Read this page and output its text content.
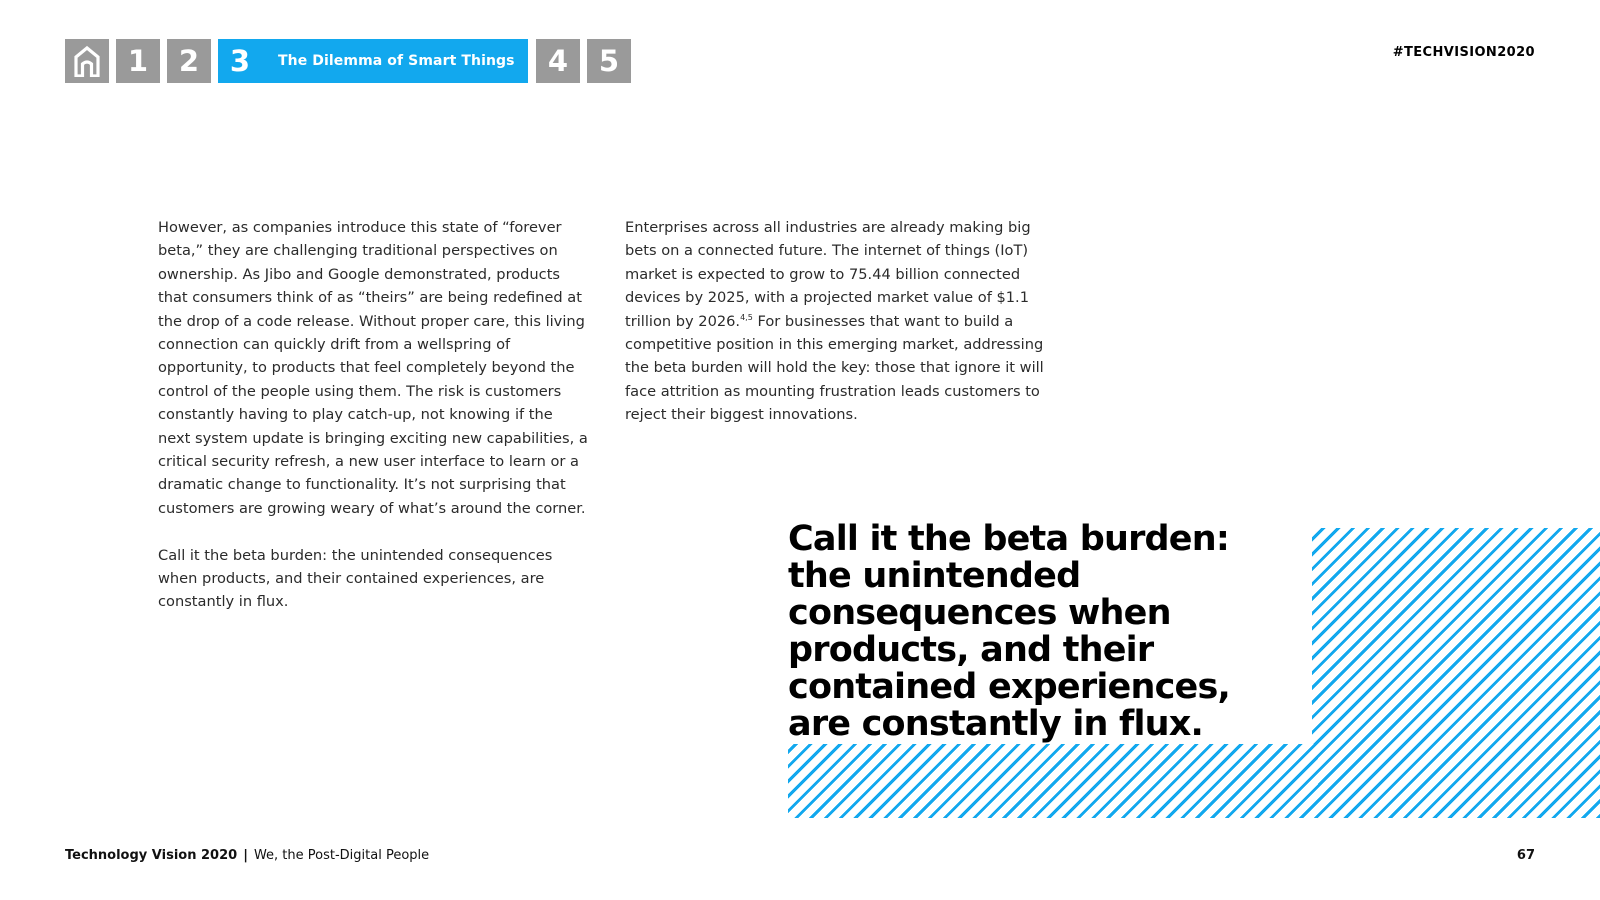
1	2	3	The Dilemma of Smart Things	4	5	#TECHVISION2020

However, as companies introduce this state of “forever beta,” they are challenging traditional perspectives on ownership. As Jibo and Google demonstrated, products that consumers think of as “theirs” are being redefined at the drop of a code release. Without proper care, this living connection can quickly drift from a wellspring of opportunity, to products that feel completely beyond the control of the people using them. The risk is customers constantly having to play catch-up, not knowing if the next system update is bringing exciting new capabilities, a critical security refresh, a new user interface to learn or a dramatic change to functionality. It’s not surprising that customers are growing weary of what’s around the corner.

Call it the beta burden: the unintended consequences when products, and their contained experiences, are constantly in flux.

Enterprises across all industries are already making big bets on a connected future. The internet of things (IoT) market is expected to grow to 75.44 billion connected devices by 2025, with a projected market value of $1.1 trillion by 2026.$^{4,5}$ For businesses that want to build a competitive position in this emerging market, addressing the beta burden will hold the key: those that ignore it will face attrition as mounting frustration leads customers to reject their biggest innovations.

Call it the beta burden: the unintended consequences when products, and their contained experiences, are constantly in flux.
Technology Vision 2020 | We, the Post-Digital People	67
